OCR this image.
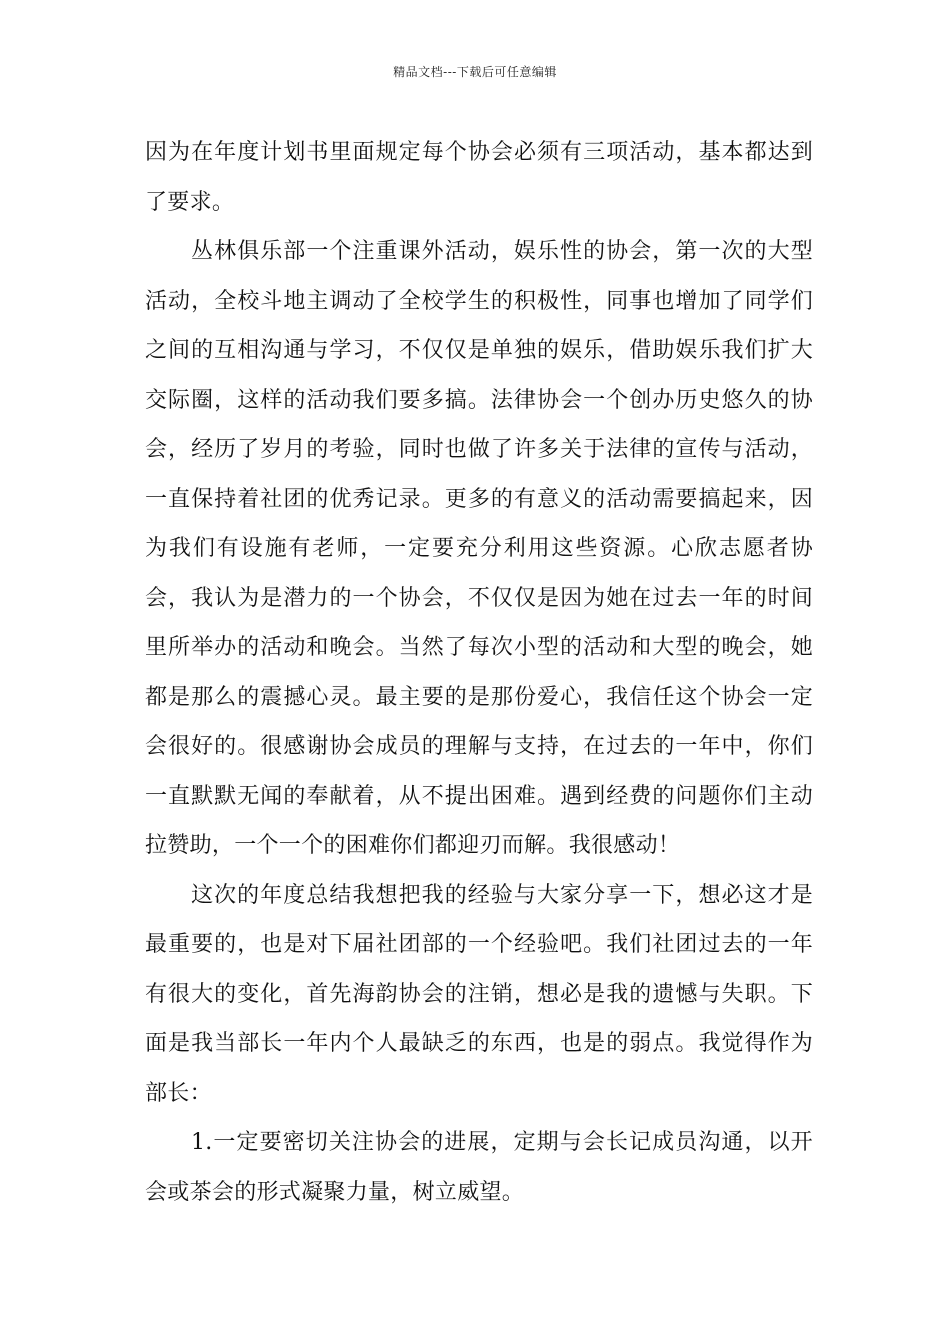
精品文档---下载后可任意编辑

因为在年度计划书里面规定每个协会必须有三项活动，基本都达到了要求。

丛林俱乐部一个注重课外活动，娱乐性的协会，第一次的大型活动，全校斗地主调动了全校学生的积极性，同事也增加了同学们之间的互相沟通与学习，不仅仅是单独的娱乐，借助娱乐我们扩大交际圈，这样的活动我们要多搞。法律协会一个创办历史悠久的协会，经历了岁月的考验，同时也做了许多关于法律的宣传与活动，一直保持着社团的优秀记录。更多的有意义的活动需要搞起来，因为我们有设施有老师，一定要充分利用这些资源。心欣志愿者协会，我认为是潜力的一个协会，不仅仅是因为她在过去一年的时间里所举办的活动和晚会。当然了每次小型的活动和大型的晚会，她都是那么的震撼心灵。最主要的是那份爱心，我信任这个协会一定会很好的。很感谢协会成员的理解与支持，在过去的一年中，你们一直默默无闻的奉献着，从不提出困难。遇到经费的问题你们主动拉赞助，一个一个的困难你们都迎刃而解。我很感动！

这次的年度总结我想把我的经验与大家分享一下，想必这才是最重要的，也是对下届社团部的一个经验吧。我们社团过去的一年有很大的变化，首先海韵协会的注销，想必是我的遗憾与失职。下面是我当部长一年内个人最缺乏的东西，也是的弱点。我觉得作为部长：

1.一定要密切关注协会的进展，定期与会长记成员沟通，以开会或茶会的形式凝聚力量，树立威望。
